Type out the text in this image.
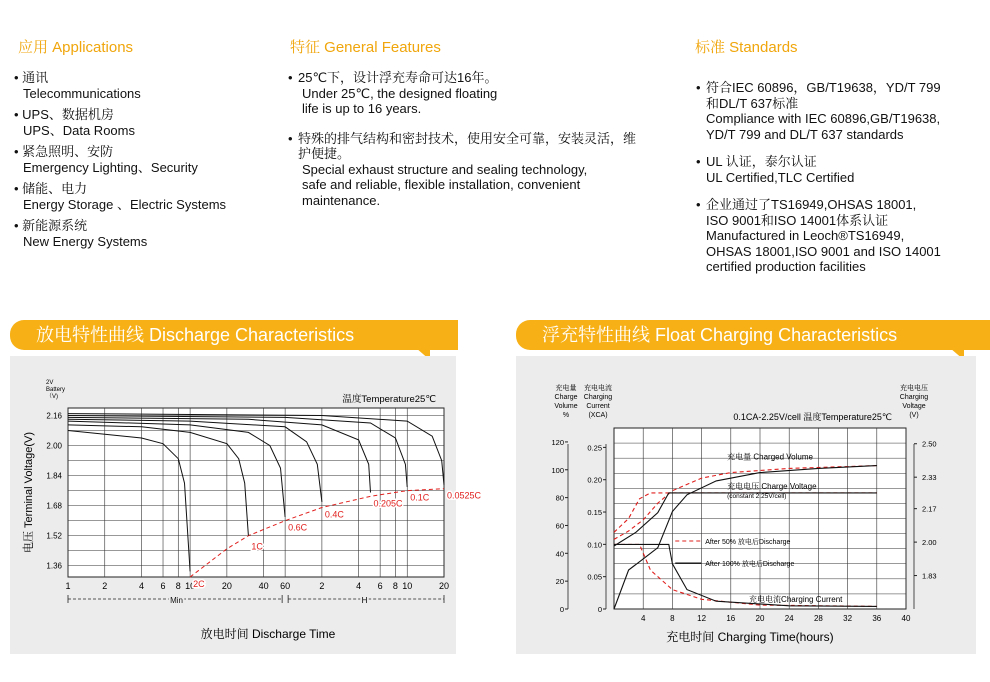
应用 Applications
• 通讯
Telecommunications
• UPS、数据机房
UPS、Data Rooms
• 紧急照明、安防
Emergency Lighting、Security
• 储能、电力
Energy Storage 、Electric Systems
• 新能源系统
New Energy Systems
特征 General Features
• 25℃下，设计浮充寿命可达16年。
Under 25℃, the designed floating
life is up to 16 years.
• 特殊的排气结构和密封技术，使用安全可靠，安装灵活，维护便捷。
Special exhaust structure and sealing technology,
safe and reliable, flexible installation, convenient
maintenance.
标准 Standards
• 符合IEC 60896，GB/T19638，YD/T 799
和DL/T 637标准
Compliance with IEC 60896,GB/T19638,
YD/T 799 and DL/T 637 standards
• UL 认证，泰尔认证
UL Certified,TLC Certified
• 企业通过了TS16949,OHSAS 18001,
ISO 9001和ISO 14001体系认证
Manufactured in Leoch®TS16949,
OHSAS 18001,ISO 9001 and ISO 14001
certified production facilities
放电特性曲线 Discharge Characteristics	浮充特性曲线 Float Charging Characteristics
1.36
1.52
1.68
1.84
2.00
2.16
2V
Battery
（V)
电压 Terminal Voltage(V)
温度Temperature25℃
1	2	4 6 8 10	20	40 60	2	4 6 8 10	20
Min	H
放电时间 Discharge Time
2C
1C
0.6C
0.4C
0.205C
0.1C 0.0525C
4	8	12	16	20	24	28	32	36	40
0
20
40
60
80
100
120
充电量
Charge
Volume
%
0
0.05
0.10
0.15
0.20
0.25
充电电流
Charging
Current
(XCA)
1.83
2.00
2.17
2.33
2.50
充电电压
Charging
Voltage
(V)
0.1CA-2.25V/cell 温度Temperature25℃
充电时间 Charging Time(hours)
充电量 Charged Volume
充电电压 Charge Voltage
(constant 2.25V/cell)
充电电流Charging Current
After 50% 放电后Discharge
After 100% 放电后Discharge
